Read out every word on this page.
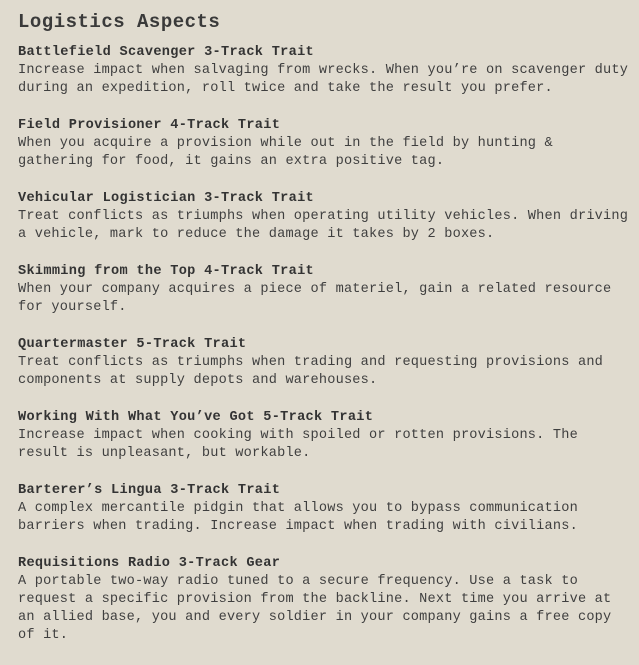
Logistics Aspects
Battlefield Scavenger 3-Track Trait
Increase impact when salvaging from wrecks. When you’re on scavenger duty during an expedition, roll twice and take the result you prefer.
Field Provisioner 4-Track Trait
When you acquire a provision while out in the field by hunting & gathering for food, it gains an extra positive tag.
Vehicular Logistician 3-Track Trait
Treat conflicts as triumphs when operating utility vehicles. When driving a vehicle, mark to reduce the damage it takes by 2 boxes.
Skimming from the Top 4-Track Trait
When your company acquires a piece of materiel, gain a related resource for yourself.
Quartermaster 5-Track Trait
Treat conflicts as triumphs when trading and requesting provisions and components at supply depots and warehouses.
Working With What You’ve Got 5-Track Trait
Increase impact when cooking with spoiled or rotten provisions. The result is unpleasant, but workable.
Barterer’s Lingua 3-Track Trait
A complex mercantile pidgin that allows you to bypass communication barriers when trading. Increase impact when trading with civilians.
Requisitions Radio 3-Track Gear
A portable two-way radio tuned to a secure frequency. Use a task to request a specific provision from the backline. Next time you arrive at an allied base, you and every soldier in your company gains a free copy of it.
